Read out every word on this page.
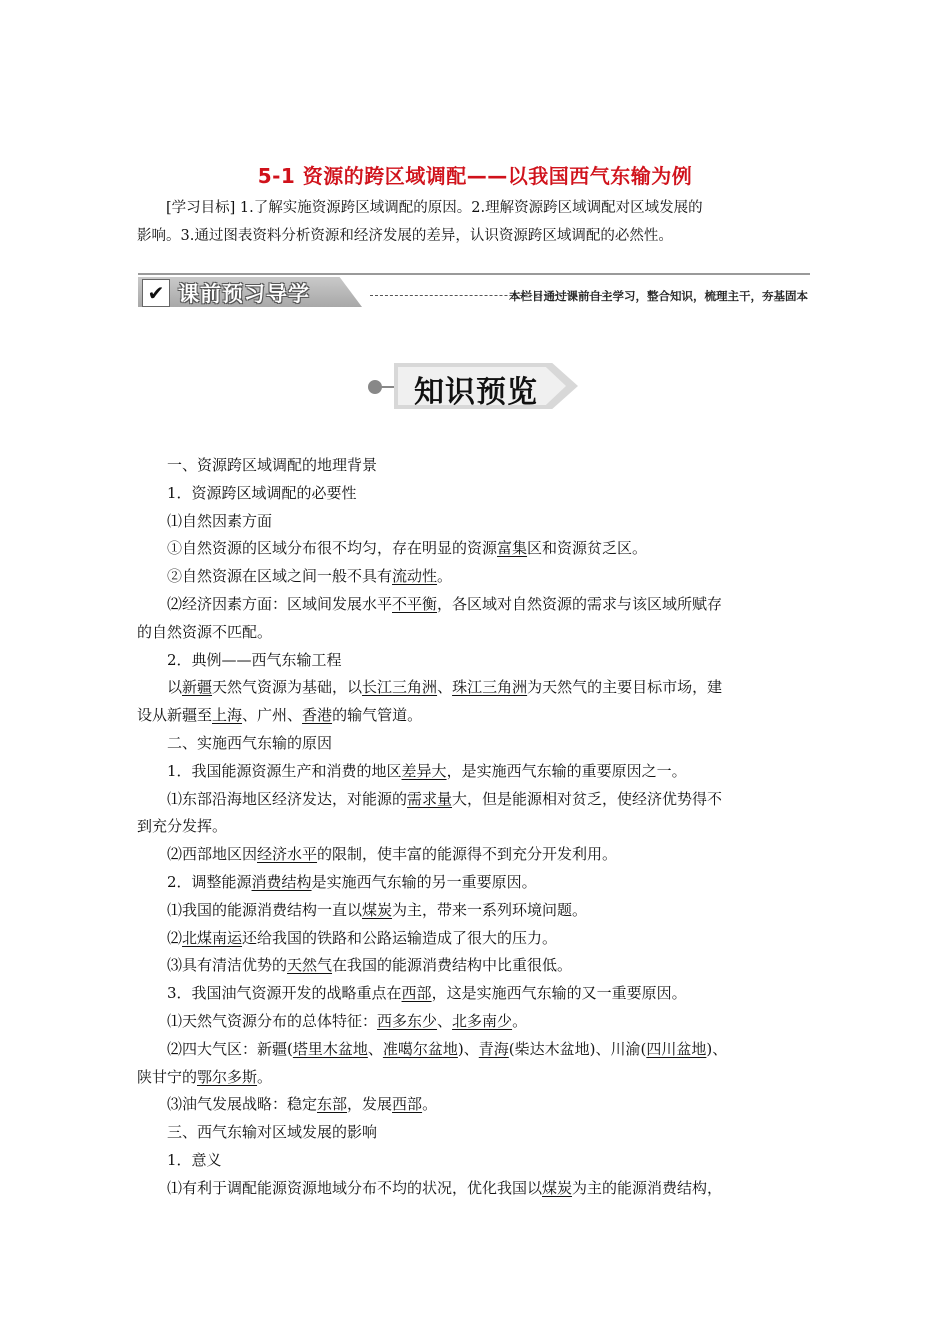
5-1 资源的跨区域调配——以我国西气东输为例

[学习目标] 1.了解实施资源跨区域调配的原因。2.理解资源跨区域调配对区域发展的

影响。3.通过图表资料分析资源和经济发展的差异，认识资源跨区域调配的必然性。

✔ 课前预习导学	本栏目通过课前自主学习，整合知识，梳理主干，夯基固本
知识预览

一、资源跨区域调配的地理背景

1．资源跨区域调配的必要性

⑴自然因素方面

①自然资源的区域分布很不均匀，存在明显的资源富集区和资源贫乏区。

②自然资源在区域之间一般不具有流动性。

⑵经济因素方面：区域间发展水平不平衡，各区域对自然资源的需求与该区域所赋存

的自然资源不匹配。

2．典例——西气东输工程

以新疆天然气资源为基础，以长江三角洲、珠江三角洲为天然气的主要目标市场，建

设从新疆至上海、广州、香港的输气管道。

二、实施西气东输的原因

1．我国能源资源生产和消费的地区差异大，是实施西气东输的重要原因之一。

⑴东部沿海地区经济发达，对能源的需求量大，但是能源相对贫乏，使经济优势得不

到充分发挥。

⑵西部地区因经济水平的限制，使丰富的能源得不到充分开发利用。

2．调整能源消费结构是实施西气东输的另一重要原因。

⑴我国的能源消费结构一直以煤炭为主，带来一系列环境问题。

⑵北煤南运还给我国的铁路和公路运输造成了很大的压力。

⑶具有清洁优势的天然气在我国的能源消费结构中比重很低。

3．我国油气资源开发的战略重点在西部，这是实施西气东输的又一重要原因。

⑴天然气资源分布的总体特征：西多东少、北多南少。

⑵四大气区：新疆(塔里木盆地、准噶尔盆地)、青海(柴达木盆地)、川渝(四川盆地)、

陕甘宁的鄂尔多斯。

⑶油气发展战略：稳定东部，发展西部。

三、西气东输对区域发展的影响

1．意义

⑴有利于调配能源资源地域分布不均的状况，优化我国以煤炭为主的能源消费结构，
